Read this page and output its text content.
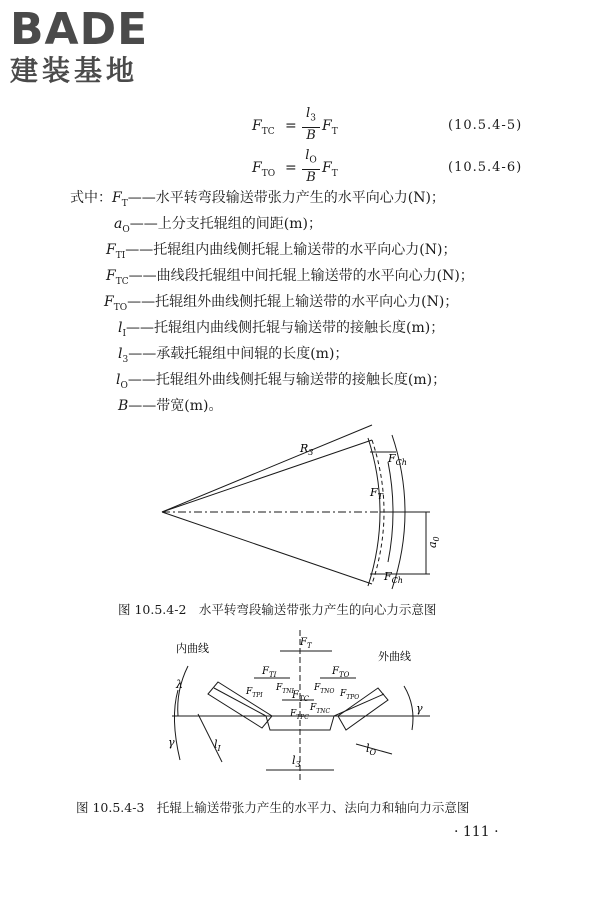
BADE
建装基地
$F_{TC} = \frac{l_3}{B} F_T$	(10.5.4-5)
$F_{TO} = \frac{l_O}{B} F_T$	(10.5.4-6)
式中：$F_T——$水平转弯段输送带张力产生的水平向心力(N)；
$a_O——$上分支托辊组的间距(m)；
$F_{TI}——$托辊组内曲线侧托辊上输送带的水平向心力(N)；
$F_{TC}——$曲线段托辊组中间托辊上输送带的水平向心力(N)；
$F_{TO}——$托辊组外曲线侧托辊上输送带的水平向心力(N)；
$l_I——$托辊组内曲线侧托辊与输送带的接触长度(m)；
$l_3——$承载托辊组中间辊的长度(m)；
$l_O——$托辊组外曲线侧托辊与输送带的接触长度(m)；
B——带宽(m)。
$R_3$	$F_{Ch}$
$F_T$
$F_{Ch}$
$a_0$
内曲线
外曲线
$F_T$
$F_{TI}$	$F_{TO}$
$F_{TNI}$ $F_{TNO}$
$F_{TC}$
$F_{TPI}$	$F_{TPO}$
$F_{TNC}$
$F_{TPC}$
$l_I$
$l_3$
$l_O$
λ
γ
γ
图 10.5.4-2　水平转弯段输送带张力产生的向心力示意图
图 10.5.4-3　托辊上输送带张力产生的水平力、法向力和轴向力示意图
· 111 ·
